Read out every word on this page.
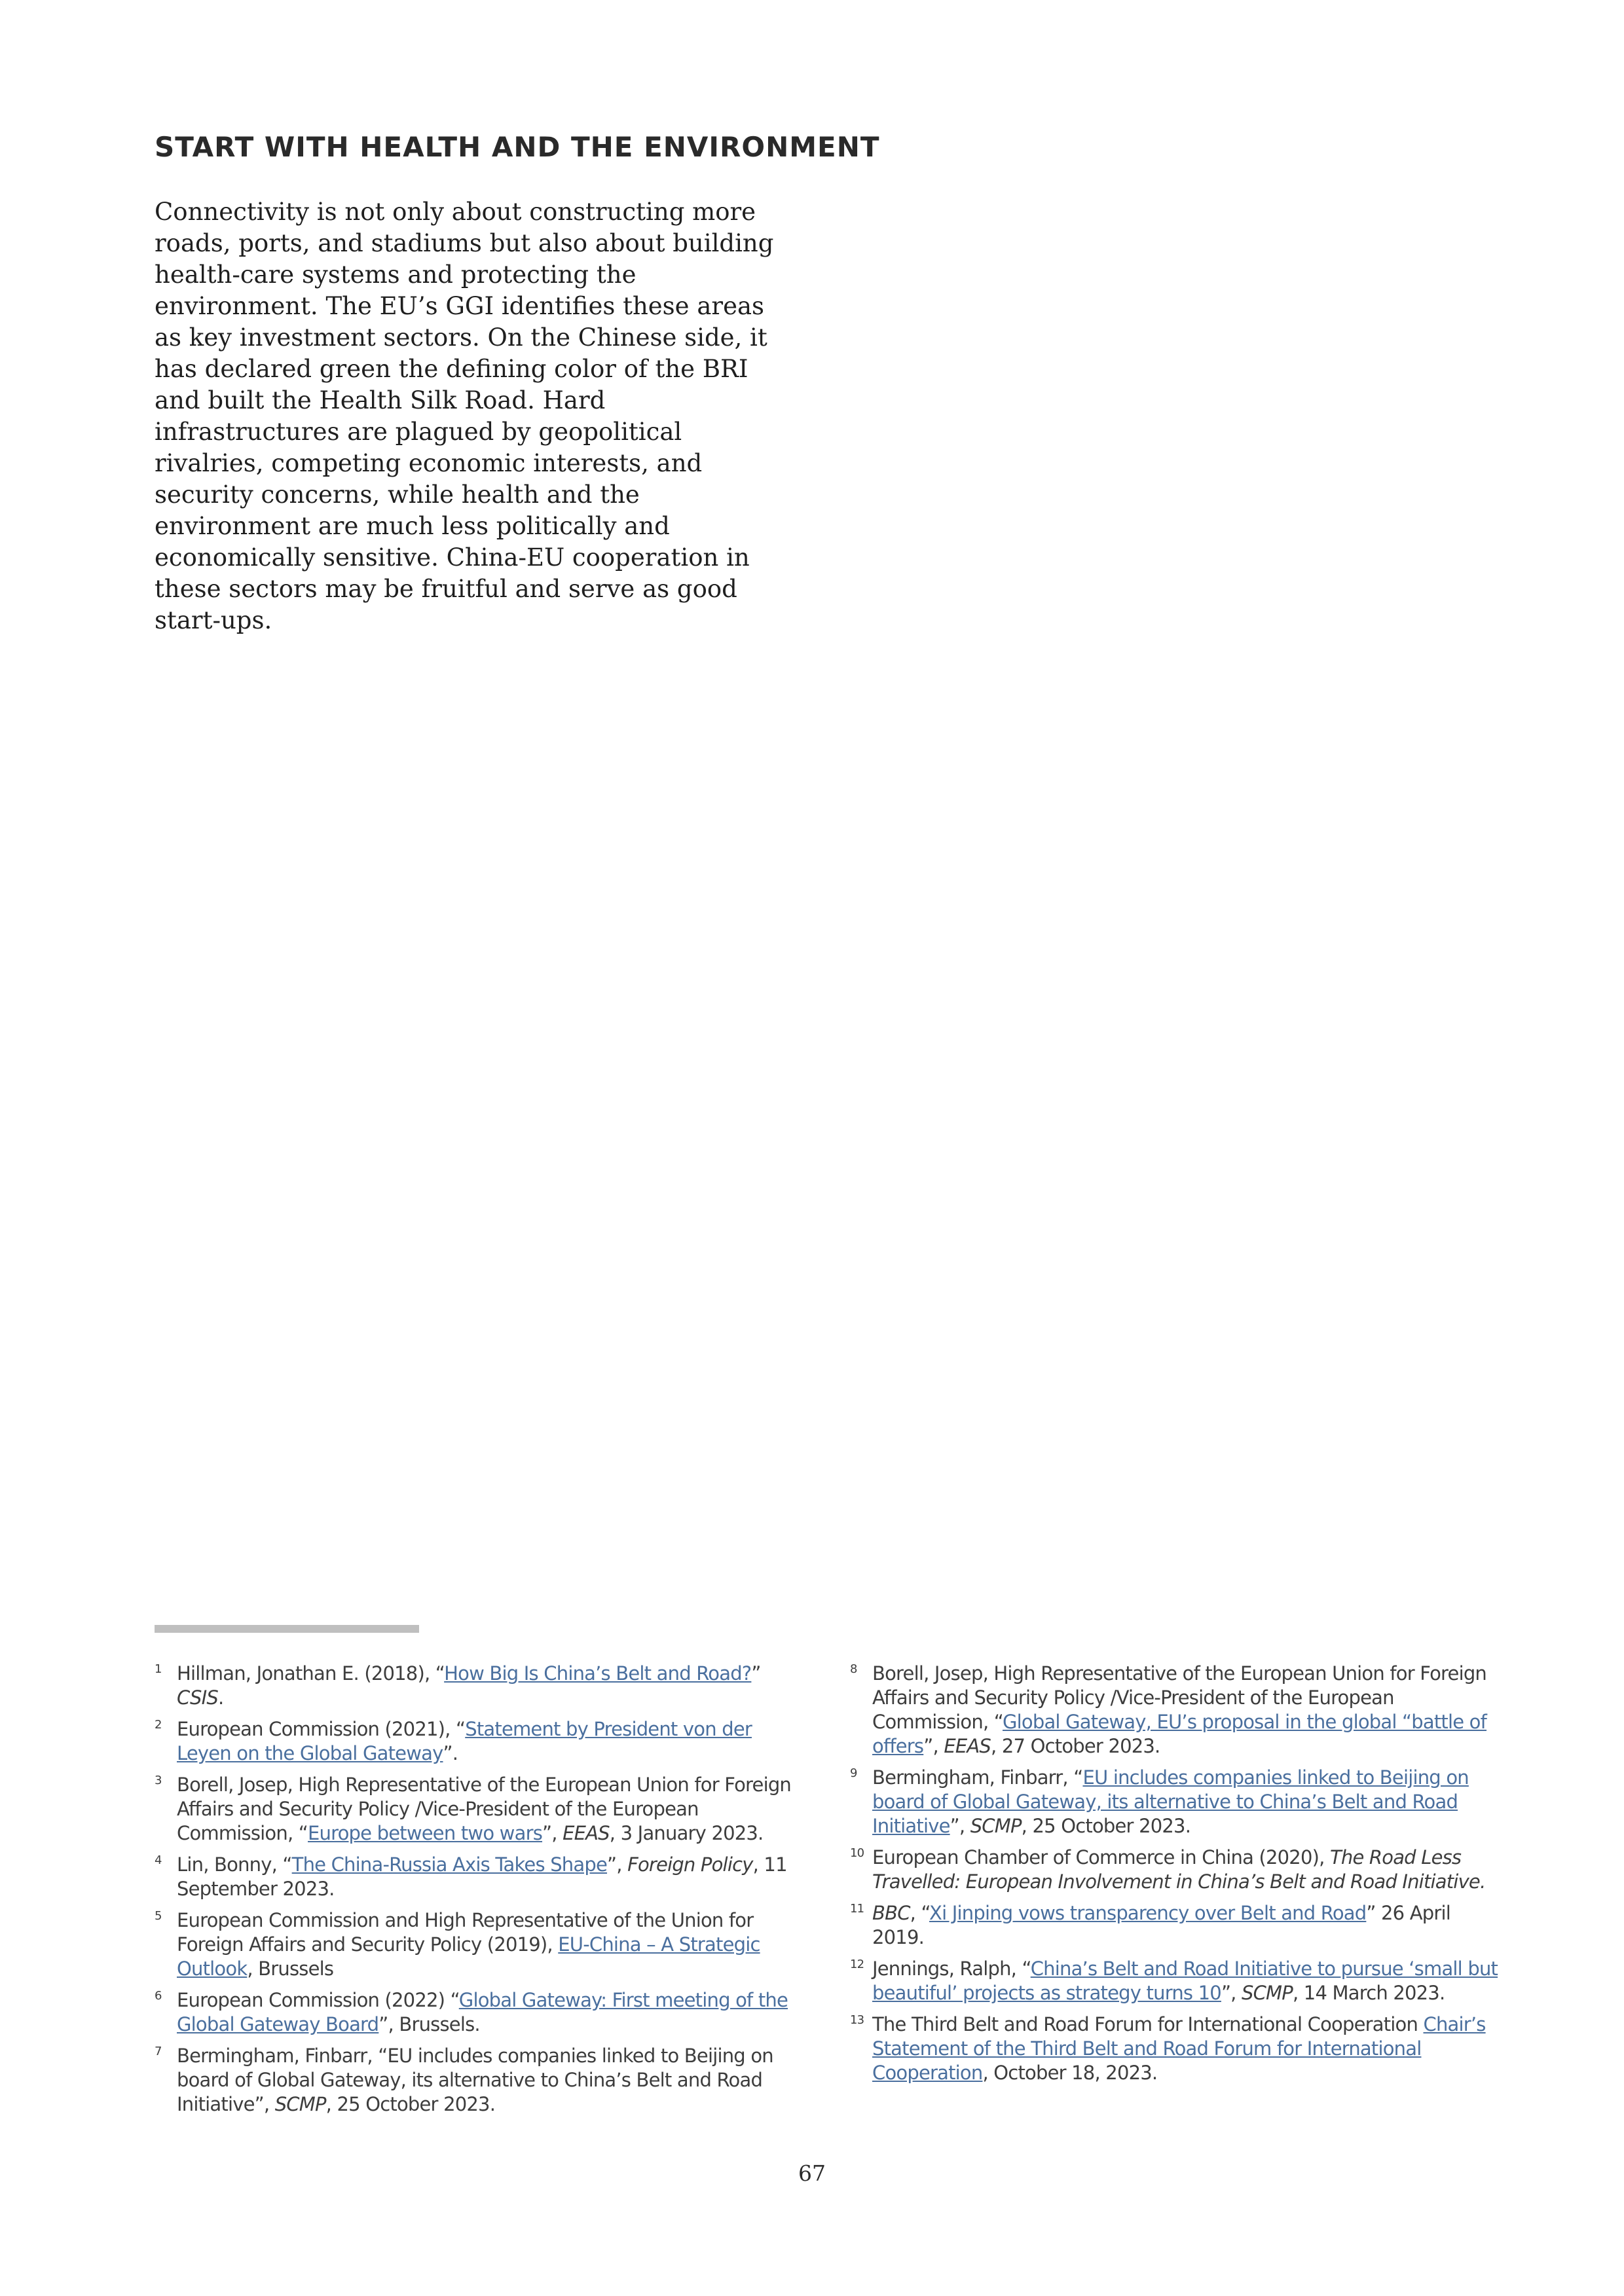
START WITH HEALTH AND THE ENVIRONMENT

Connectivity is not only about constructing more roads, ports, and stadiums but also about building health-care systems and protecting the environment. The EU’s GGI identifies these areas as key investment sectors. On the Chinese side, it has declared green the defining color of the BRI and built the Health Silk Road. Hard infrastructures are plagued by geopolitical rivalries, competing economic interests, and security concerns, while health and the environment are much less politically and economically sensitive. China-EU cooperation in these sectors may be fruitful and serve as good start-ups.

1 Hillman, Jonathan E. (2018), “How Big Is China’s Belt and Road?” CSIS.
2 European Commission (2021), “Statement by President von der Leyen on the Global Gateway”.
3 Borell, Josep, High Representative of the European Union for Foreign Affairs and Security Policy /Vice-President of the European Commission, “Europe between two wars”, EEAS, 3 January 2023.
4 Lin, Bonny, “The China-Russia Axis Takes Shape”, Foreign Policy, 11 September 2023.
5 European Commission and High Representative of the Union for Foreign Affairs and Security Policy (2019), EU-China – A Strategic Outlook, Brussels
6 European Commission (2022) “Global Gateway: First meeting of the Global Gateway Board”, Brussels.
7 Bermingham, Finbarr, “EU includes companies linked to Beijing on board of Global Gateway, its alternative to China’s Belt and Road Initiative”, SCMP, 25 October 2023.
8 Borell, Josep, High Representative of the European Union for Foreign Affairs and Security Policy /Vice-President of the European Commission, “Global Gateway, EU’s proposal in the global “battle of offers”, EEAS, 27 October 2023.
9 Bermingham, Finbarr, “EU includes companies linked to Beijing on board of Global Gateway, its alternative to China’s Belt and Road Initiative”, SCMP, 25 October 2023.
10 European Chamber of Commerce in China (2020), The Road Less Travelled: European Involvement in China’s Belt and Road Initiative.
11 BBC, “Xi Jinping vows transparency over Belt and Road” 26 April 2019.
12 Jennings, Ralph, “China’s Belt and Road Initiative to pursue ‘small but beautiful’ projects as strategy turns 10”, SCMP, 14 March 2023.
13 The Third Belt and Road Forum for International Cooperation Chair’s Statement of the Third Belt and Road Forum for International Cooperation, October 18, 2023.
67
